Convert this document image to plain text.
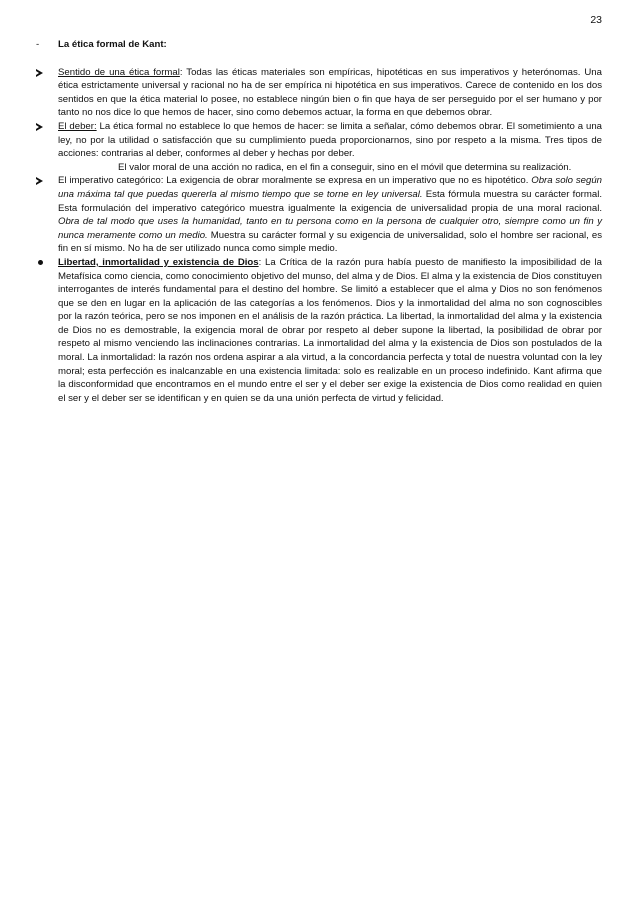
23
-	La ética formal de Kant:
Sentido de una ética formal: Todas las éticas materiales son empíricas, hipotéticas en sus imperativos y heterónomas. Una ética estrictamente universal y racional no ha de ser empírica ni hipotética en sus imperativos. Carece de contenido en los dos sentidos en que la ética material lo posee, no establece ningún bien o fin que haya de ser perseguido por el ser humano y por tanto no nos dice lo que hemos de hacer, sino como debemos actuar, la forma en que debemos obrar.
El deber: La ética formal no establece lo que hemos de hacer: se limita a señalar, cómo debemos obrar. El sometimiento a una ley, no por la utilidad o satisfacción que su cumplimiento pueda proporcionarnos, sino por respeto a la misma. Tres tipos de acciones: contrarias al deber, conformes al deber y hechas por deber.
El valor moral de una acción no radica, en el fin a conseguir, sino en el móvil que determina su realización.
El imperativo categórico: La exigencia de obrar moralmente se expresa en un imperativo que no es hipotético. Obra solo según una máxima tal que puedas quererla al mismo tiempo que se torne en ley universal. Esta fórmula muestra su carácter formal. Esta formulación del imperativo categórico muestra igualmente la exigencia de universalidad propia de una moral racional. Obra de tal modo que uses la humanidad, tanto en tu persona como en la persona de cualquier otro, siempre como un fin y nunca meramente como un medio. Muestra su carácter formal y su exigencia de universalidad, solo el hombre ser racional, es fin en sí mismo. No ha de ser utilizado nunca como simple medio.
Libertad, inmortalidad y existencia de Dios: La Crítica de la razón pura había puesto de manifiesto la imposibilidad de la Metafísica como ciencia, como conocimiento objetivo del munso, del alma y de Dios. El alma y la existencia de Dios constituyen interrogantes de interés fundamental para el destino del hombre. Se limitó a establecer que el alma y Dios no son fenómenos que se den en lugar en la aplicación de las categorías a los fenómenos. Dios y la inmortalidad del alma no son cognoscibles por la razón teórica, pero se nos imponen en el análisis de la razón práctica. La libertad, la inmortalidad del alma y la existencia de Dios no es demostrable, la exigencia moral de obrar por respeto al deber supone la libertad, la posibilidad de obrar por respeto al mismo venciendo las inclinaciones contrarias. La inmortalidad del alma y la existencia de Dios son postulados de la moral. La inmortalidad: la razón nos ordena aspirar a ala virtud, a la concordancia perfecta y total de nuestra voluntad con la ley moral; esta perfección es inalcanzable en una existencia limitada: solo es realizable en un proceso indefinido. Kant afirma que la disconformidad que encontramos en el mundo entre el ser y el deber ser exige la existencia de Dios como realidad en quien el ser y el deber ser se identifican y en quien se da una unión perfecta de virtud y felicidad.
